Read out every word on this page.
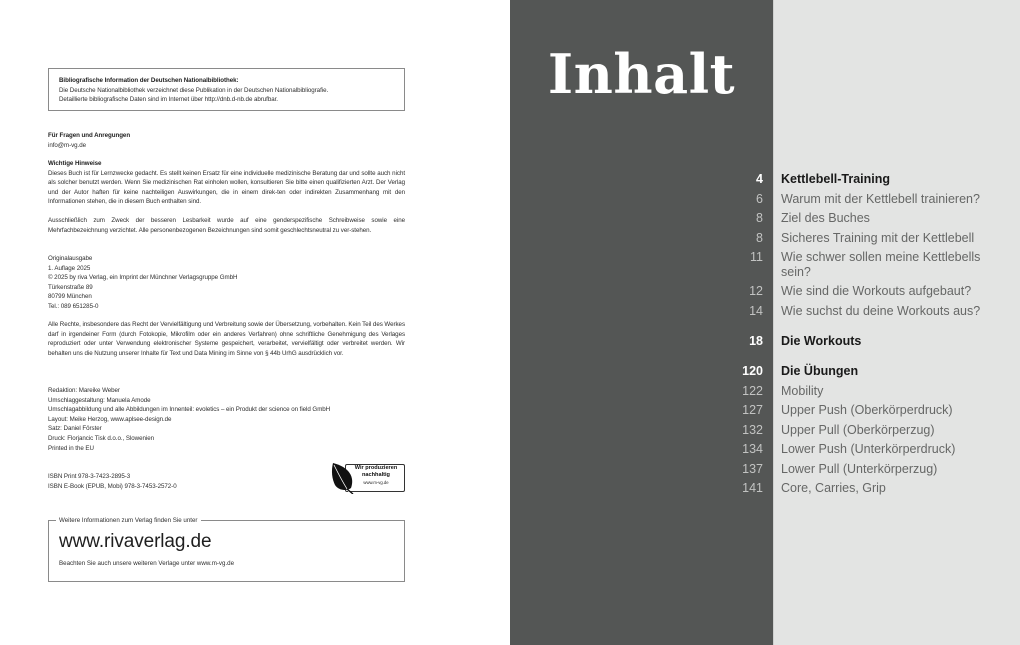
Bibliografische Information der Deutschen Nationalbibliothek:
Die Deutsche Nationalbibliothek verzeichnet diese Publikation in der Deutschen Nationalbibliografie.
Detaillierte bibliografische Daten sind im Internet über http://dnb.d-nb.de abrufbar.
Für Fragen und Anregungen
info@m-vg.de
Wichtige Hinweise
Dieses Buch ist für Lernzwecke gedacht. Es stellt keinen Ersatz für eine individuelle medizinische Beratung dar und sollte auch nicht als solcher benutzt werden. Wenn Sie medizinischen Rat einholen wollen, konsultieren Sie bitte einen qualifizierten Arzt. Der Verlag und der Autor haften für keine nachteiligen Auswirkungen, die in einem direk-ten oder indirekten Zusammenhang mit den Informationen stehen, die in diesem Buch enthalten sind.
Ausschließlich zum Zweck der besseren Lesbarkeit wurde auf eine genderspezifische Schreibweise sowie eine Mehrfachbezeichnung verzichtet. Alle personenbezogenen Bezeichnungen sind somit geschlechtsneutral zu ver-stehen.
Originalausgabe
1. Auflage 2025
© 2025 by riva Verlag, ein Imprint der Münchner Verlagsgruppe GmbH
Türkenstraße 89
80799 München
Tel.: 089 651285-0
Alle Rechte, insbesondere das Recht der Vervielfältigung und Verbreitung sowie der Übersetzung, vorbehalten. Kein Teil des Werkes darf in irgendeiner Form (durch Fotokopie, Mikrofilm oder ein anderes Verfahren) ohne schriftliche Genehmigung des Verlages reproduziert oder unter Verwendung elektronischer Systeme gespeichert, verarbeitet, vervielfältigt oder verbreitet werden. Wir behalten uns die Nutzung unserer Inhalte für Text und Data Mining im Sinne von § 44b UrhG ausdrücklich vor.
Redaktion: Mareike Weber
Umschlaggestaltung: Manuela Amode
Umschlagabbildung und alle Abbildungen im Innenteil: evoletics – ein Produkt der science on field GmbH
Layout: Meike Herzog, www.aplsee-design.de
Satz: Daniel Förster
Druck: Florjancic Tisk d.o.o., Slowenien
Printed in the EU
ISBN Print 978-3-7423-2895-3
ISBN E-Book (EPUB, Mobi) 978-3-7453-2572-0
Wir produzieren
nachhaltig
www.m-vg.de
Weitere Informationen zum Verlag finden Sie unter
www.rivaverlag.de
Beachten Sie auch unsere weiteren Verlage unter www.m-vg.de
Inhalt
4 Kettlebell-Training
6 Warum mit der Kettlebell trainieren?
8 Ziel des Buches
8 Sicheres Training mit der Kettlebell
11 Wie schwer sollen meine Kettlebells
sein?
12 Wie sind die Workouts aufgebaut?
14 Wie suchst du deine Workouts aus?
18 Die Workouts
120 Die Übungen
122 Mobility
127 Upper Push (Oberkörperdruck)
132 Upper Pull (Oberkörperzug)
134 Lower Push (Unterkörperdruck)
137 Lower Pull (Unterkörperzug)
141 Core, Carries, Grip
